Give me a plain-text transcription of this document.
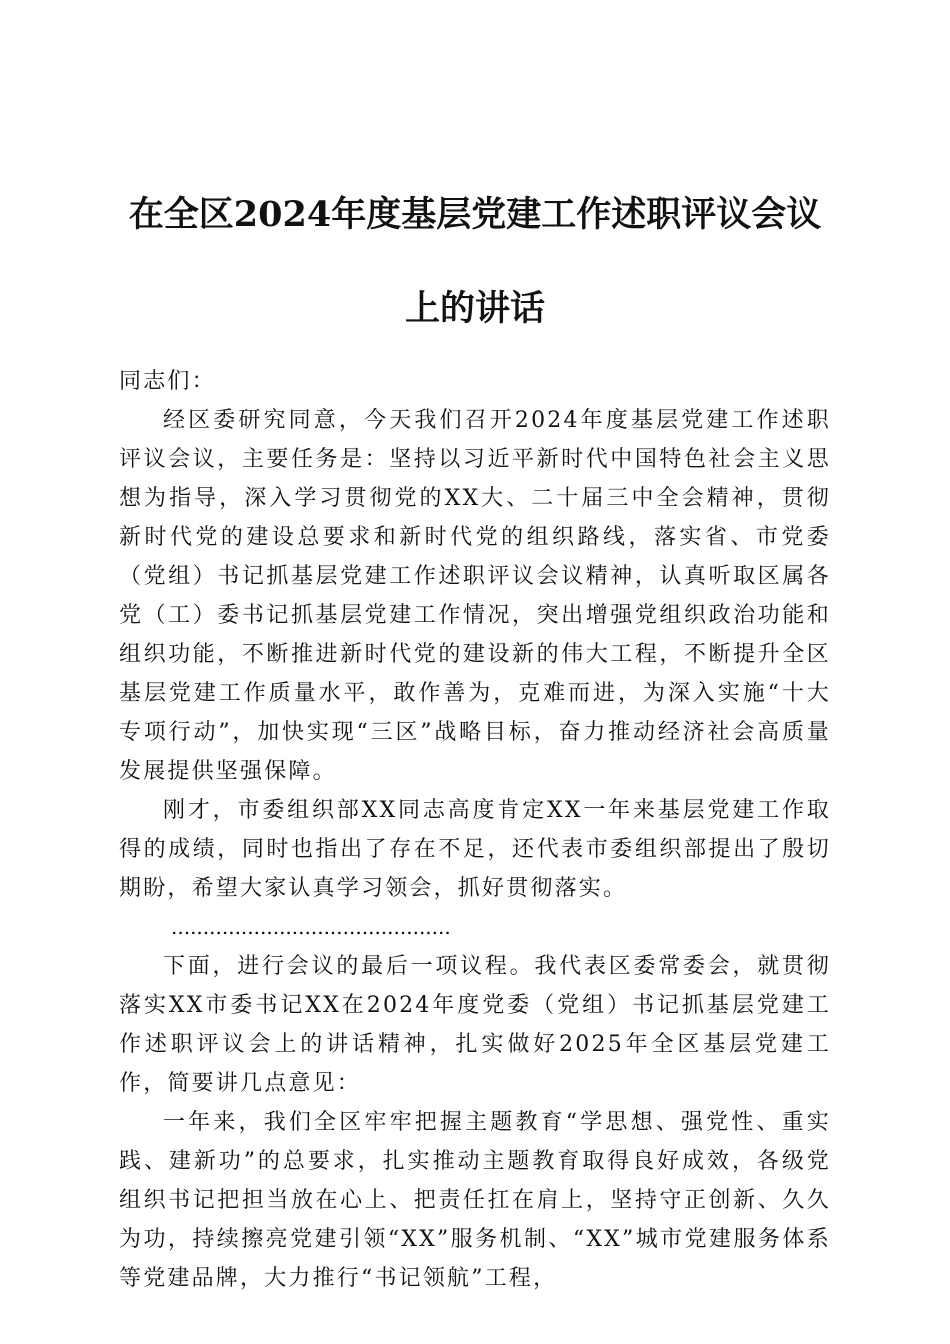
在全区2024年度基层党建工作述职评议会议
上的讲话

同志们：

经区委研究同意，今天我们召开2024年度基层党建工作述职评议会议，主要任务是：坚持以习近平新时代中国特色社会主义思想为指导，深入学习贯彻党的XX大、二十届三中全会精神，贯彻新时代党的建设总要求和新时代党的组织路线，落实省、市党委（党组）书记抓基层党建工作述职评议会议精神，认真听取区属各党（工）委书记抓基层党建工作情况，突出增强党组织政治功能和组织功能，不断推进新时代党的建设新的伟大工程，不断提升全区基层党建工作质量水平，敢作善为，克难而进，为深入实施“十大专项行动”，加快实现“三区”战略目标，奋力推动经济社会高质量发展提供坚强保障。

刚才，市委组织部XX同志高度肯定XX一年来基层党建工作取得的成绩，同时也指出了存在不足，还代表市委组织部提出了殷切期盼，希望大家认真学习领会，抓好贯彻落实。

............................................

下面，进行会议的最后一项议程。我代表区委常委会，就贯彻落实XX市委书记XX在2024年度党委（党组）书记抓基层党建工作述职评议会上的讲话精神，扎实做好2025年全区基层党建工作，简要讲几点意见：

一年来，我们全区牢牢把握主题教育“学思想、强党性、重实践、建新功”的总要求，扎实推动主题教育取得良好成效，各级党组织书记把担当放在心上、把责任扛在肩上，坚持守正创新、久久为功，持续擦亮党建引领“XX”服务机制、“XX”城市党建服务体系等党建品牌，大力推行“书记领航”工程，
